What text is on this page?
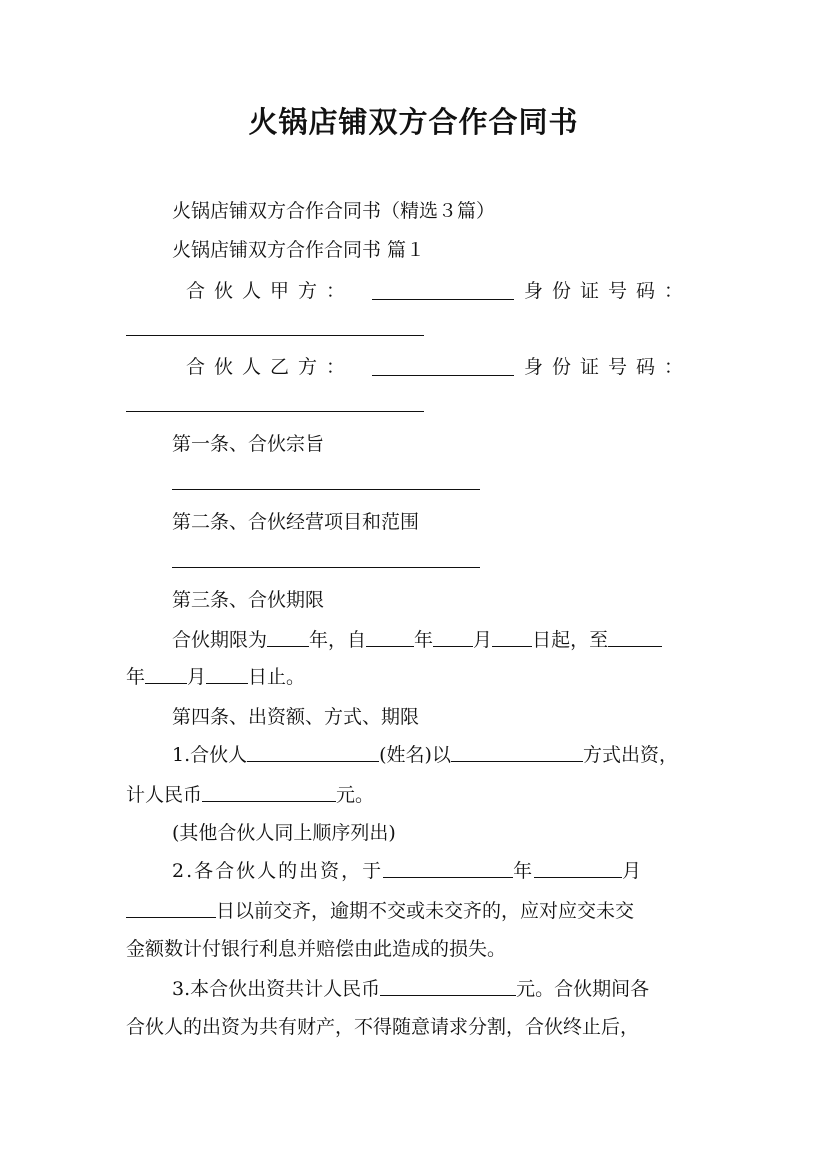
火锅店铺双方合作合同书
火锅店铺双方合作合同书（精选３篇）
火锅店铺双方合作合同书 篇１
合伙人甲方：	身份证号码：
合伙人乙方：	身份证号码：
第一条、合伙宗旨
第二条、合伙经营项目和范围
第三条、合伙期限
合伙期限为 年，自	年 月 日起，至
年 月 日止。
第四条、出资额、方式、期限
1.合伙人	(姓名)以	方式出资，
计人民币	元。
(其他合伙人同上顺序列出)
2.各合伙人的出资，于	年	月
日以前交齐，逾期不交或未交齐的，应对应交未交
金额数计付银行利息并赔偿由此造成的损失。
3.本合伙出资共计人民币	元。合伙期间各
合伙人的出资为共有财产，不得随意请求分割，合伙终止后，
